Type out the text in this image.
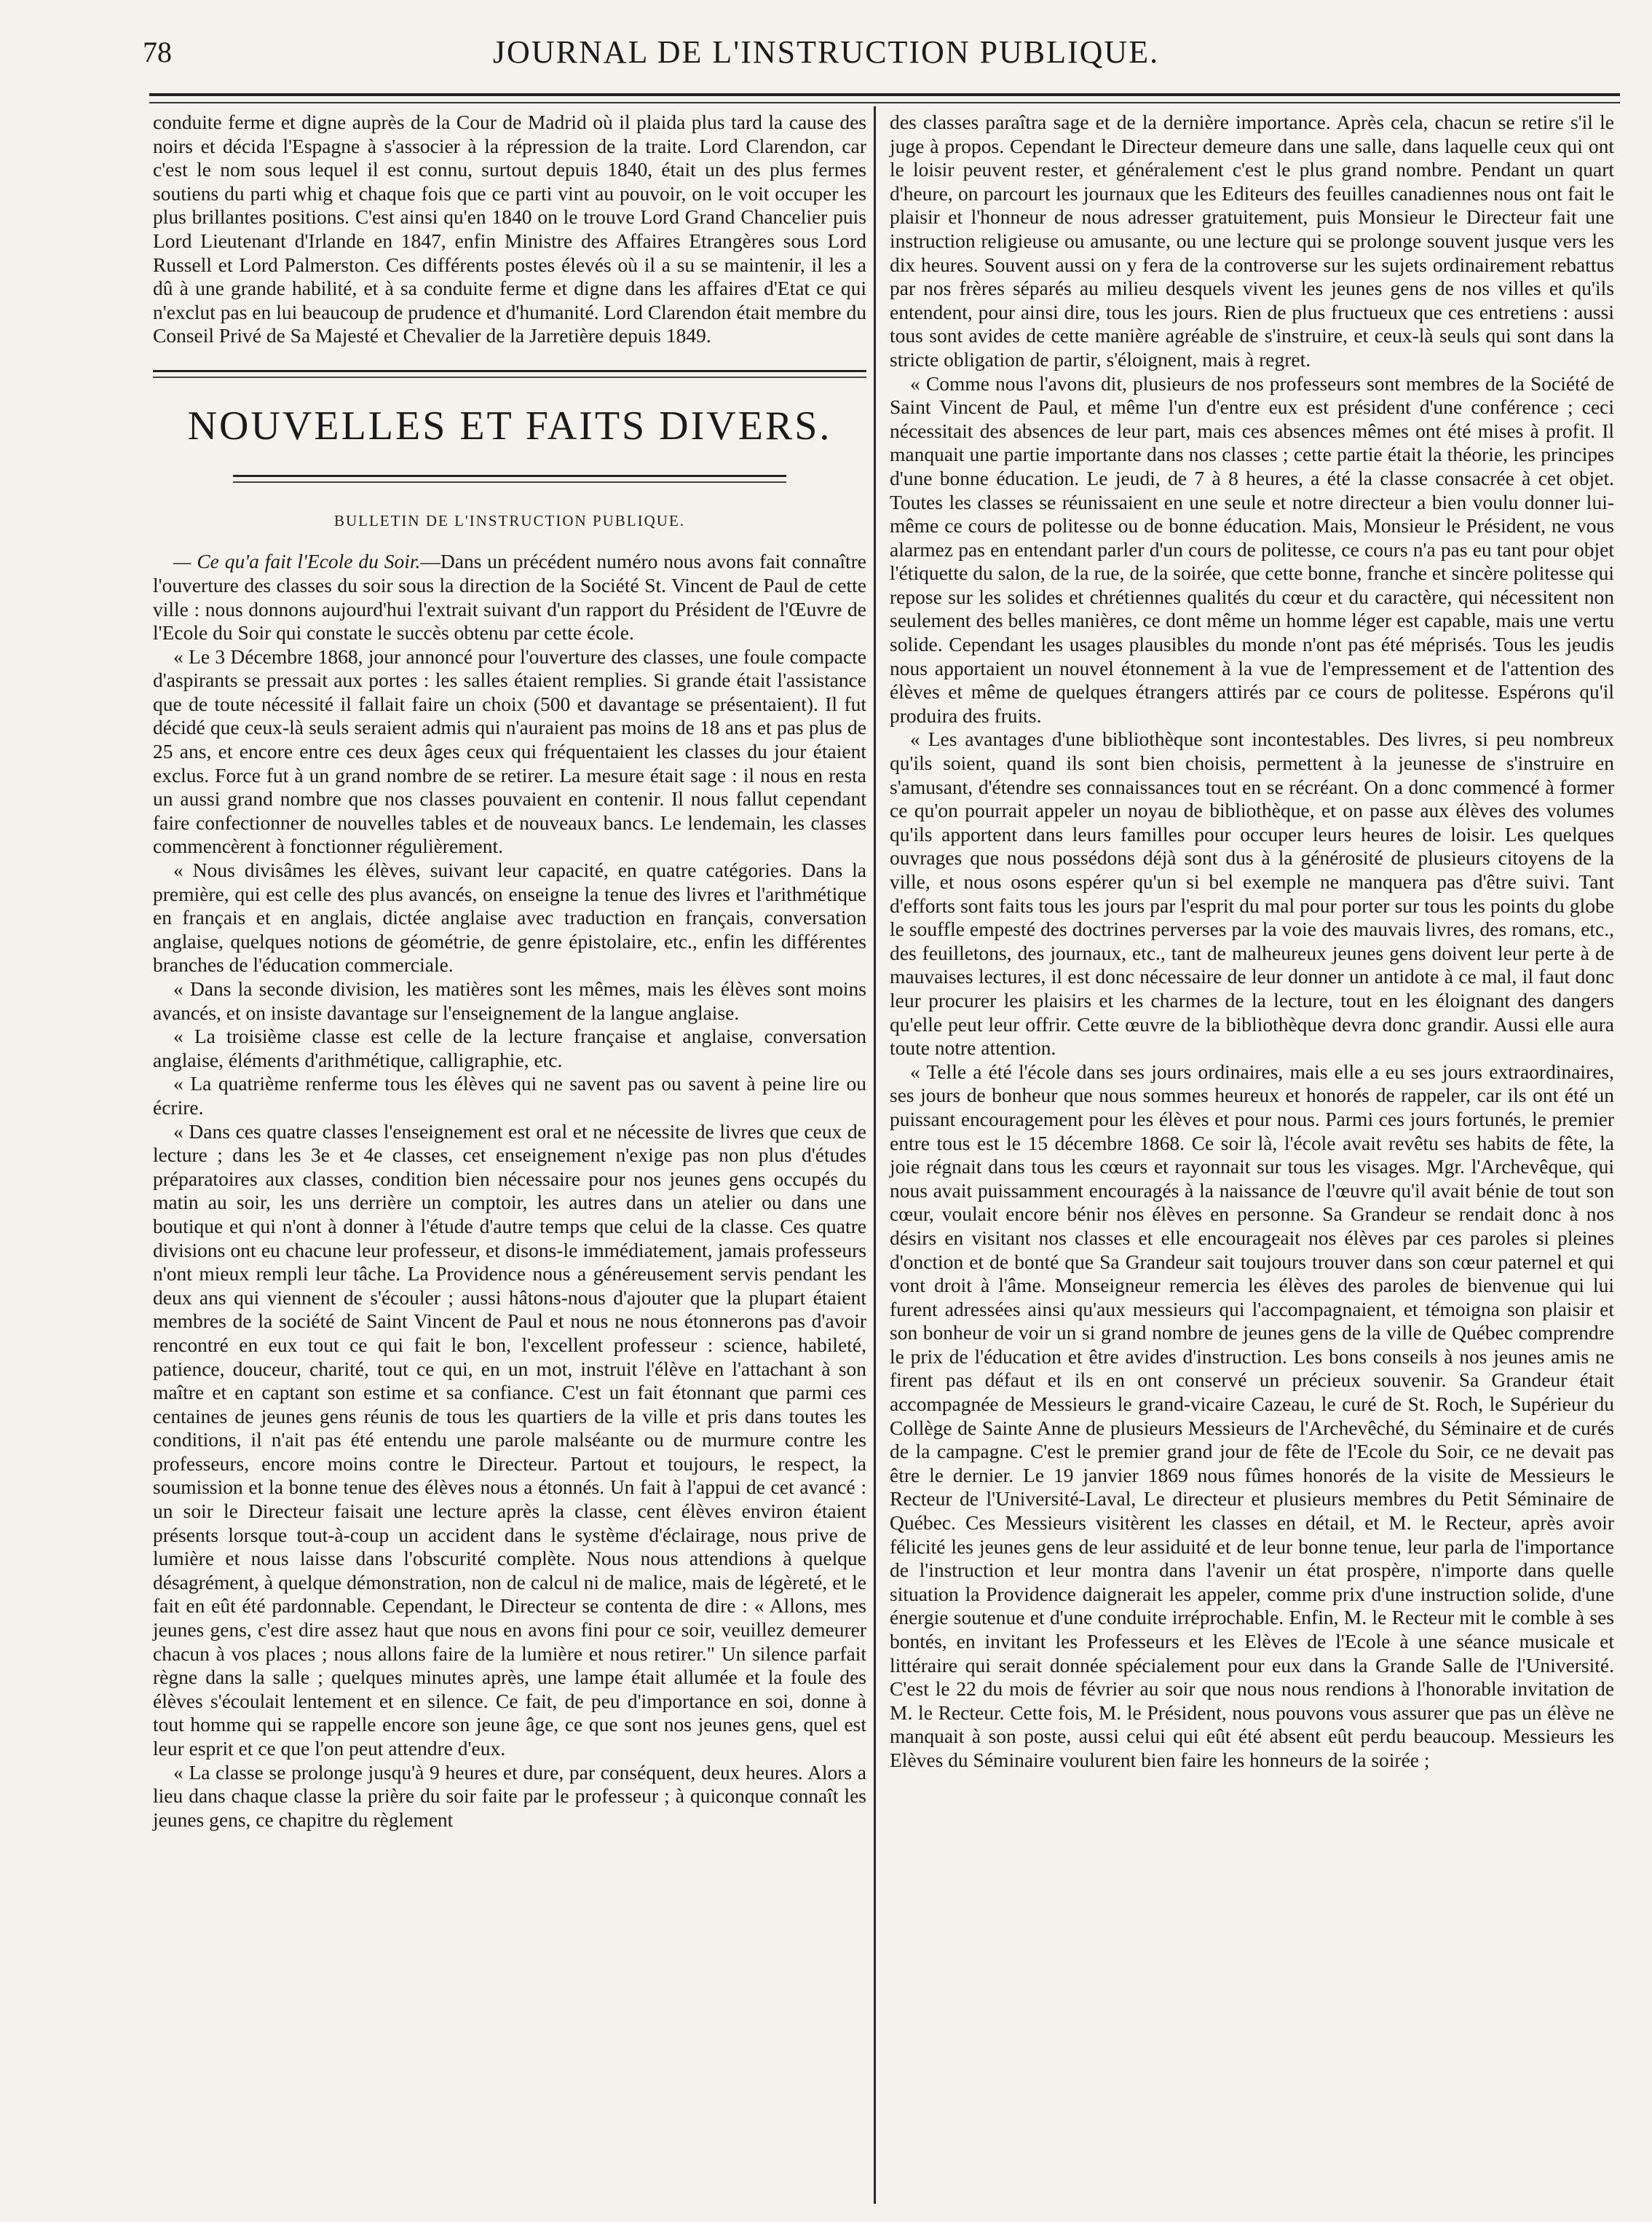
78	JOURNAL DE L'INSTRUCTION PUBLIQUE.

conduite ferme et digne auprès de la Cour de Madrid où il plaida plus tard la cause des noirs et décida l'Espagne à s'associer à la répression de la traite. Lord Clarendon, car c'est le nom sous lequel il est connu, surtout depuis 1840, était un des plus fermes soutiens du parti whig et chaque fois que ce parti vint au pouvoir, on le voit occuper les plus brillantes positions. C'est ainsi qu'en 1840 on le trouve Lord Grand Chancelier puis Lord Lieutenant d'Irlande en 1847, enfin Ministre des Affaires Etrangères sous Lord Russell et Lord Palmerston. Ces différents postes élevés où il a su se maintenir, il les a dû à une grande habilité, et à sa conduite ferme et digne dans les affaires d'Etat ce qui n'exclut pas en lui beaucoup de prudence et d'humanité. Lord Clarendon était membre du Conseil Privé de Sa Majesté et Chevalier de la Jarretière depuis 1849.

NOUVELLES ET FAITS DIVERS.
BULLETIN DE L'INSTRUCTION PUBLIQUE.

— Ce qu'a fait l'Ecole du Soir.—Dans un précédent numéro nous avons fait connaître l'ouverture des classes du soir sous la direction de la Société St. Vincent de Paul de cette ville : nous donnons aujourd'hui l'extrait suivant d'un rapport du Président de l'Œuvre de l'Ecole du Soir qui constate le succès obtenu par cette école.

« Le 3 Décembre 1868, jour annoncé pour l'ouverture des classes, une foule compacte d'aspirants se pressait aux portes : les salles étaient remplies. Si grande était l'assistance que de toute nécessité il fallait faire un choix (500 et davantage se présentaient). Il fut décidé que ceux-là seuls seraient admis qui n'auraient pas moins de 18 ans et pas plus de 25 ans, et encore entre ces deux âges ceux qui fréquentaient les classes du jour étaient exclus. Force fut à un grand nombre de se retirer. La mesure était sage : il nous en resta un aussi grand nombre que nos classes pouvaient en contenir. Il nous fallut cependant faire confectionner de nouvelles tables et de nouveaux bancs. Le lendemain, les classes commencèrent à fonctionner régulièrement.

« Nous divisâmes les élèves, suivant leur capacité, en quatre catégories. Dans la première, qui est celle des plus avancés, on enseigne la tenue des livres et l'arithmétique en français et en anglais, dictée anglaise avec traduction en français, conversation anglaise, quelques notions de géométrie, de genre épistolaire, etc., enfin les différentes branches de l'éducation commerciale.

« Dans la seconde division, les matières sont les mêmes, mais les élèves sont moins avancés, et on insiste davantage sur l'enseignement de la langue anglaise.

« La troisième classe est celle de la lecture française et anglaise, conversation anglaise, éléments d'arithmétique, calligraphie, etc.

« La quatrième renferme tous les élèves qui ne savent pas ou savent à peine lire ou écrire.

« Dans ces quatre classes l'enseignement est oral et ne nécessite de livres que ceux de lecture ; dans les 3e et 4e classes, cet enseignement n'exige pas non plus d'études préparatoires aux classes, condition bien nécessaire pour nos jeunes gens occupés du matin au soir, les uns derrière un comptoir, les autres dans un atelier ou dans une boutique et qui n'ont à donner à l'étude d'autre temps que celui de la classe. Ces quatre divisions ont eu chacune leur professeur, et disons-le immédiatement, jamais professeurs n'ont mieux rempli leur tâche. La Providence nous a généreusement servis pendant les deux ans qui viennent de s'écouler ; aussi hâtons-nous d'ajouter que la plupart étaient membres de la société de Saint Vincent de Paul et nous ne nous étonnerons pas d'avoir rencontré en eux tout ce qui fait le bon, l'excellent professeur : science, habileté, patience, douceur, charité, tout ce qui, en un mot, instruit l'élève en l'attachant à son maître et en captant son estime et sa confiance. C'est un fait étonnant que parmi ces centaines de jeunes gens réunis de tous les quartiers de la ville et pris dans toutes les conditions, il n'ait pas été entendu une parole malséante ou de murmure contre les professeurs, encore moins contre le Directeur. Partout et toujours, le respect, la soumission et la bonne tenue des élèves nous a étonnés. Un fait à l'appui de cet avancé : un soir le Directeur faisait une lecture après la classe, cent élèves environ étaient présents lorsque tout-à-coup un accident dans le système d'éclairage, nous prive de lumière et nous laisse dans l'obscurité complète. Nous nous attendions à quelque désagrément, à quelque démonstration, non de calcul ni de malice, mais de légèreté, et le fait en eût été pardonnable. Cependant, le Directeur se contenta de dire : « Allons, mes jeunes gens, c'est dire assez haut que nous en avons fini pour ce soir, veuillez demeurer chacun à vos places ; nous allons faire de la lumière et nous retirer." Un silence parfait règne dans la salle ; quelques minutes après, une lampe était allumée et la foule des élèves s'écoulait lentement et en silence. Ce fait, de peu d'importance en soi, donne à tout homme qui se rappelle encore son jeune âge, ce que sont nos jeunes gens, quel est leur esprit et ce que l'on peut attendre d'eux.

« La classe se prolonge jusqu'à 9 heures et dure, par conséquent, deux heures. Alors a lieu dans chaque classe la prière du soir faite par le professeur ; à quiconque connaît les jeunes gens, ce chapitre du règlement

des classes paraîtra sage et de la dernière importance. Après cela, chacun se retire s'il le juge à propos. Cependant le Directeur demeure dans une salle, dans laquelle ceux qui ont le loisir peuvent rester, et généralement c'est le plus grand nombre. Pendant un quart d'heure, on parcourt les journaux que les Editeurs des feuilles canadiennes nous ont fait le plaisir et l'honneur de nous adresser gratuitement, puis Monsieur le Directeur fait une instruction religieuse ou amusante, ou une lecture qui se prolonge souvent jusque vers les dix heures. Souvent aussi on y fera de la controverse sur les sujets ordinairement rebattus par nos frères séparés au milieu desquels vivent les jeunes gens de nos villes et qu'ils entendent, pour ainsi dire, tous les jours. Rien de plus fructueux que ces entretiens : aussi tous sont avides de cette manière agréable de s'instruire, et ceux-là seuls qui sont dans la stricte obligation de partir, s'éloignent, mais à regret.

« Comme nous l'avons dit, plusieurs de nos professeurs sont membres de la Société de Saint Vincent de Paul, et même l'un d'entre eux est président d'une conférence ; ceci nécessitait des absences de leur part, mais ces absences mêmes ont été mises à profit. Il manquait une partie importante dans nos classes ; cette partie était la théorie, les principes d'une bonne éducation. Le jeudi, de 7 à 8 heures, a été la classe consacrée à cet objet. Toutes les classes se réunissaient en une seule et notre directeur a bien voulu donner lui-même ce cours de politesse ou de bonne éducation. Mais, Monsieur le Président, ne vous alarmez pas en entendant parler d'un cours de politesse, ce cours n'a pas eu tant pour objet l'étiquette du salon, de la rue, de la soirée, que cette bonne, franche et sincère politesse qui repose sur les solides et chrétiennes qualités du cœur et du caractère, qui nécessitent non seulement des belles manières, ce dont même un homme léger est capable, mais une vertu solide. Cependant les usages plausibles du monde n'ont pas été méprisés. Tous les jeudis nous apportaient un nouvel étonnement à la vue de l'empressement et de l'attention des élèves et même de quelques étrangers attirés par ce cours de politesse. Espérons qu'il produira des fruits.

« Les avantages d'une bibliothèque sont incontestables. Des livres, si peu nombreux qu'ils soient, quand ils sont bien choisis, permettent à la jeunesse de s'instruire en s'amusant, d'étendre ses connaissances tout en se récréant. On a donc commencé à former ce qu'on pourrait appeler un noyau de bibliothèque, et on passe aux élèves des volumes qu'ils apportent dans leurs familles pour occuper leurs heures de loisir. Les quelques ouvrages que nous possédons déjà sont dus à la générosité de plusieurs citoyens de la ville, et nous osons espérer qu'un si bel exemple ne manquera pas d'être suivi. Tant d'efforts sont faits tous les jours par l'esprit du mal pour porter sur tous les points du globe le souffle empesté des doctrines perverses par la voie des mauvais livres, des romans, etc., des feuilletons, des journaux, etc., tant de malheureux jeunes gens doivent leur perte à de mauvaises lectures, il est donc nécessaire de leur donner un antidote à ce mal, il faut donc leur procurer les plaisirs et les charmes de la lecture, tout en les éloignant des dangers qu'elle peut leur offrir. Cette œuvre de la bibliothèque devra donc grandir. Aussi elle aura toute notre attention.

« Telle a été l'école dans ses jours ordinaires, mais elle a eu ses jours extraordinaires, ses jours de bonheur que nous sommes heureux et honorés de rappeler, car ils ont été un puissant encouragement pour les élèves et pour nous. Parmi ces jours fortunés, le premier entre tous est le 15 décembre 1868. Ce soir là, l'école avait revêtu ses habits de fête, la joie régnait dans tous les cœurs et rayonnait sur tous les visages. Mgr. l'Archevêque, qui nous avait puissamment encouragés à la naissance de l'œuvre qu'il avait bénie de tout son cœur, voulait encore bénir nos élèves en personne. Sa Grandeur se rendait donc à nos désirs en visitant nos classes et elle encourageait nos élèves par ces paroles si pleines d'onction et de bonté que Sa Grandeur sait toujours trouver dans son cœur paternel et qui vont droit à l'âme. Monseigneur remercia les élèves des paroles de bienvenue qui lui furent adressées ainsi qu'aux messieurs qui l'accompagnaient, et témoigna son plaisir et son bonheur de voir un si grand nombre de jeunes gens de la ville de Québec comprendre le prix de l'éducation et être avides d'instruction. Les bons conseils à nos jeunes amis ne firent pas défaut et ils en ont conservé un précieux souvenir. Sa Grandeur était accompagnée de Messieurs le grand-vicaire Cazeau, le curé de St. Roch, le Supérieur du Collège de Sainte Anne de plusieurs Messieurs de l'Archevêché, du Séminaire et de curés de la campagne. C'est le premier grand jour de fête de l'Ecole du Soir, ce ne devait pas être le dernier. Le 19 janvier 1869 nous fûmes honorés de la visite de Messieurs le Recteur de l'Université-Laval, Le directeur et plusieurs membres du Petit Séminaire de Québec. Ces Messieurs visitèrent les classes en détail, et M. le Recteur, après avoir félicité les jeunes gens de leur assiduité et de leur bonne tenue, leur parla de l'importance de l'instruction et leur montra dans l'avenir un état prospère, n'importe dans quelle situation la Providence daignerait les appeler, comme prix d'une instruction solide, d'une énergie soutenue et d'une conduite irréprochable. Enfin, M. le Recteur mit le comble à ses bontés, en invitant les Professeurs et les Elèves de l'Ecole à une séance musicale et littéraire qui serait donnée spécialement pour eux dans la Grande Salle de l'Université. C'est le 22 du mois de février au soir que nous nous rendions à l'honorable invitation de M. le Recteur. Cette fois, M. le Président, nous pouvons vous assurer que pas un élève ne manquait à son poste, aussi celui qui eût été absent eût perdu beaucoup. Messieurs les Elèves du Séminaire voulurent bien faire les honneurs de la soirée ;
